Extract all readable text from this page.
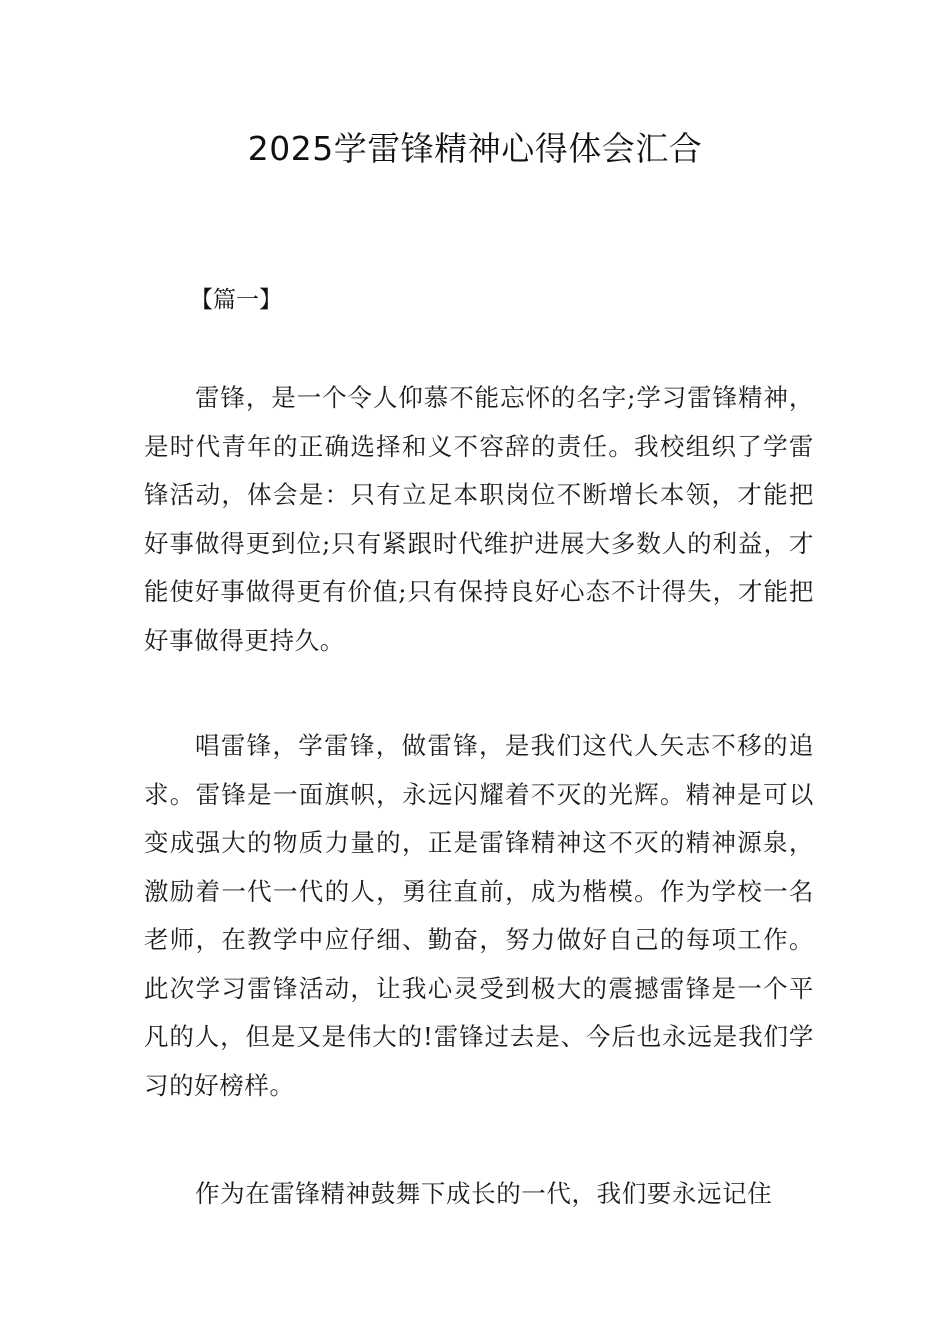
2025学雷锋精神心得体会汇合
【篇一】

雷锋，是一个令人仰慕不能忘怀的名字;学习雷锋精神，是时代青年的正确选择和义不容辞的责任。我校组织了学雷锋活动，体会是：只有立足本职岗位不断增长本领，才能把好事做得更到位;只有紧跟时代维护进展大多数人的利益，才能使好事做得更有价值;只有保持良好心态不计得失，才能把好事做得更持久。

唱雷锋，学雷锋，做雷锋，是我们这代人矢志不移的追求。雷锋是一面旗帜，永远闪耀着不灭的光辉。精神是可以变成强大的物质力量的，正是雷锋精神这不灭的精神源泉，激励着一代一代的人，勇往直前，成为楷模。作为学校一名老师，在教学中应仔细、勤奋，努力做好自己的每项工作。此次学习雷锋活动，让我心灵受到极大的震撼雷锋是一个平凡的人，但是又是伟大的!雷锋过去是、今后也永远是我们学习的好榜样。

作为在雷锋精神鼓舞下成长的一代，我们要永远记住
